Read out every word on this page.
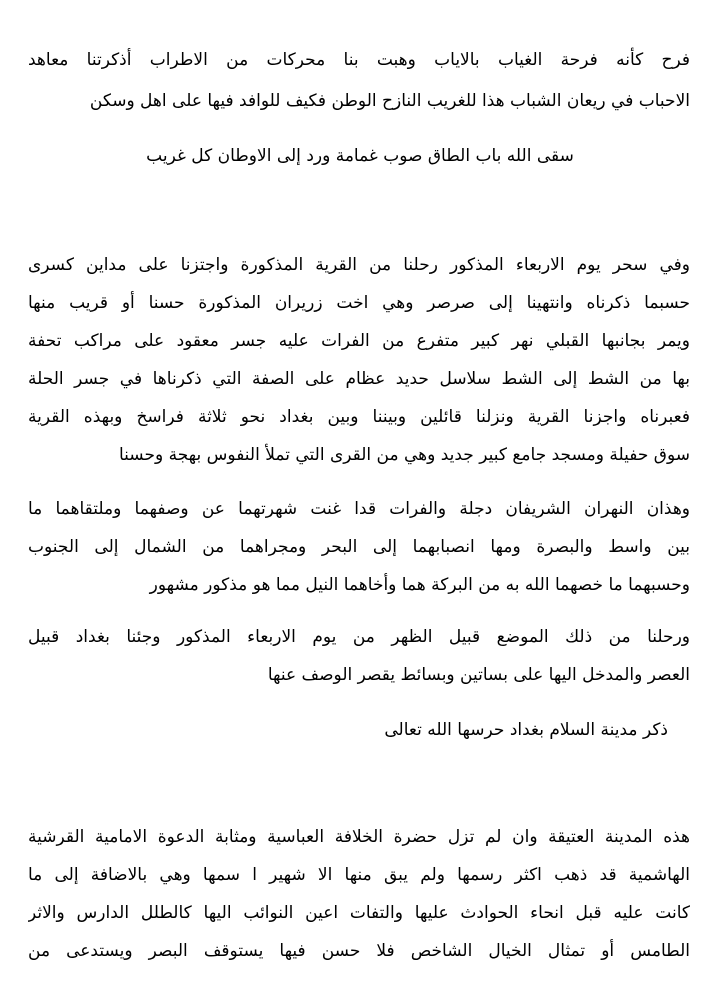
فرح كأنه فرحة الغياب بالاياب وهبت بنا محركات من الاطراب أذكرتنا معاهد
الاحباب في ريعان الشباب هذا للغريب النازح الوطن فكيف للوافد فيها على اهل وسكن
سقى الله باب الطاق صوب غمامة ورد إلى الاوطان كل غريب
وفي سحر يوم الاربعاء المذكور رحلنا من القرية المذكورة واجتزنا على مداين كسرى
حسبما ذكرناه وانتهينا إلى صرصر وهي اخت زريران المذكورة حسنا أو قريب منها
ويمر بجانبها القبلي نهر كبير متفرع من الفرات عليه جسر معقود على مراكب تحفة
بها من الشط إلى الشط سلاسل حديد عظام على الصفة التي ذكرناها في جسر الحلة
فعبرناه واجزنا القرية ونزلنا قائلين وبيننا وبين بغداد نحو ثلاثة فراسخ وبهذه القرية
سوق حفيلة ومسجد جامع كبير جديد وهي من القرى التي تملأ النفوس بهجة وحسنا
وهذان النهران الشريفان دجلة والفرات قدا غنت شهرتهما عن وصفهما وملتقاهما ما
بين واسط والبصرة ومها انصبابهما إلى البحر ومجراهما من الشمال إلى الجنوب
وحسبهما ما خصهما الله به من البركة هما وأخاهما النيل مما هو مذكور مشهور
ورحلنا من ذلك الموضع قبيل الظهر من يوم الاربعاء المذكور وجئنا بغداد قبيل
العصر والمدخل اليها على بساتين وبسائط يقصر الوصف عنها
ذكر مدينة السلام بغداد حرسها الله تعالى
هذه المدينة العتيقة وان لم تزل حضرة الخلافة العباسية ومثابة الدعوة الامامية القرشية
الهاشمية قد ذهب اكثر رسمها ولم يبق منها الا شهير ا سمها وهي بالاضافة إلى ما
كانت عليه قبل انحاء الحوادث عليها والتفات اعين النوائب اليها كالطلل الدارس والاثر
الطامس أو تمثال الخيال الشاخص فلا حسن فيها يستوقف البصر ويستدعى من
